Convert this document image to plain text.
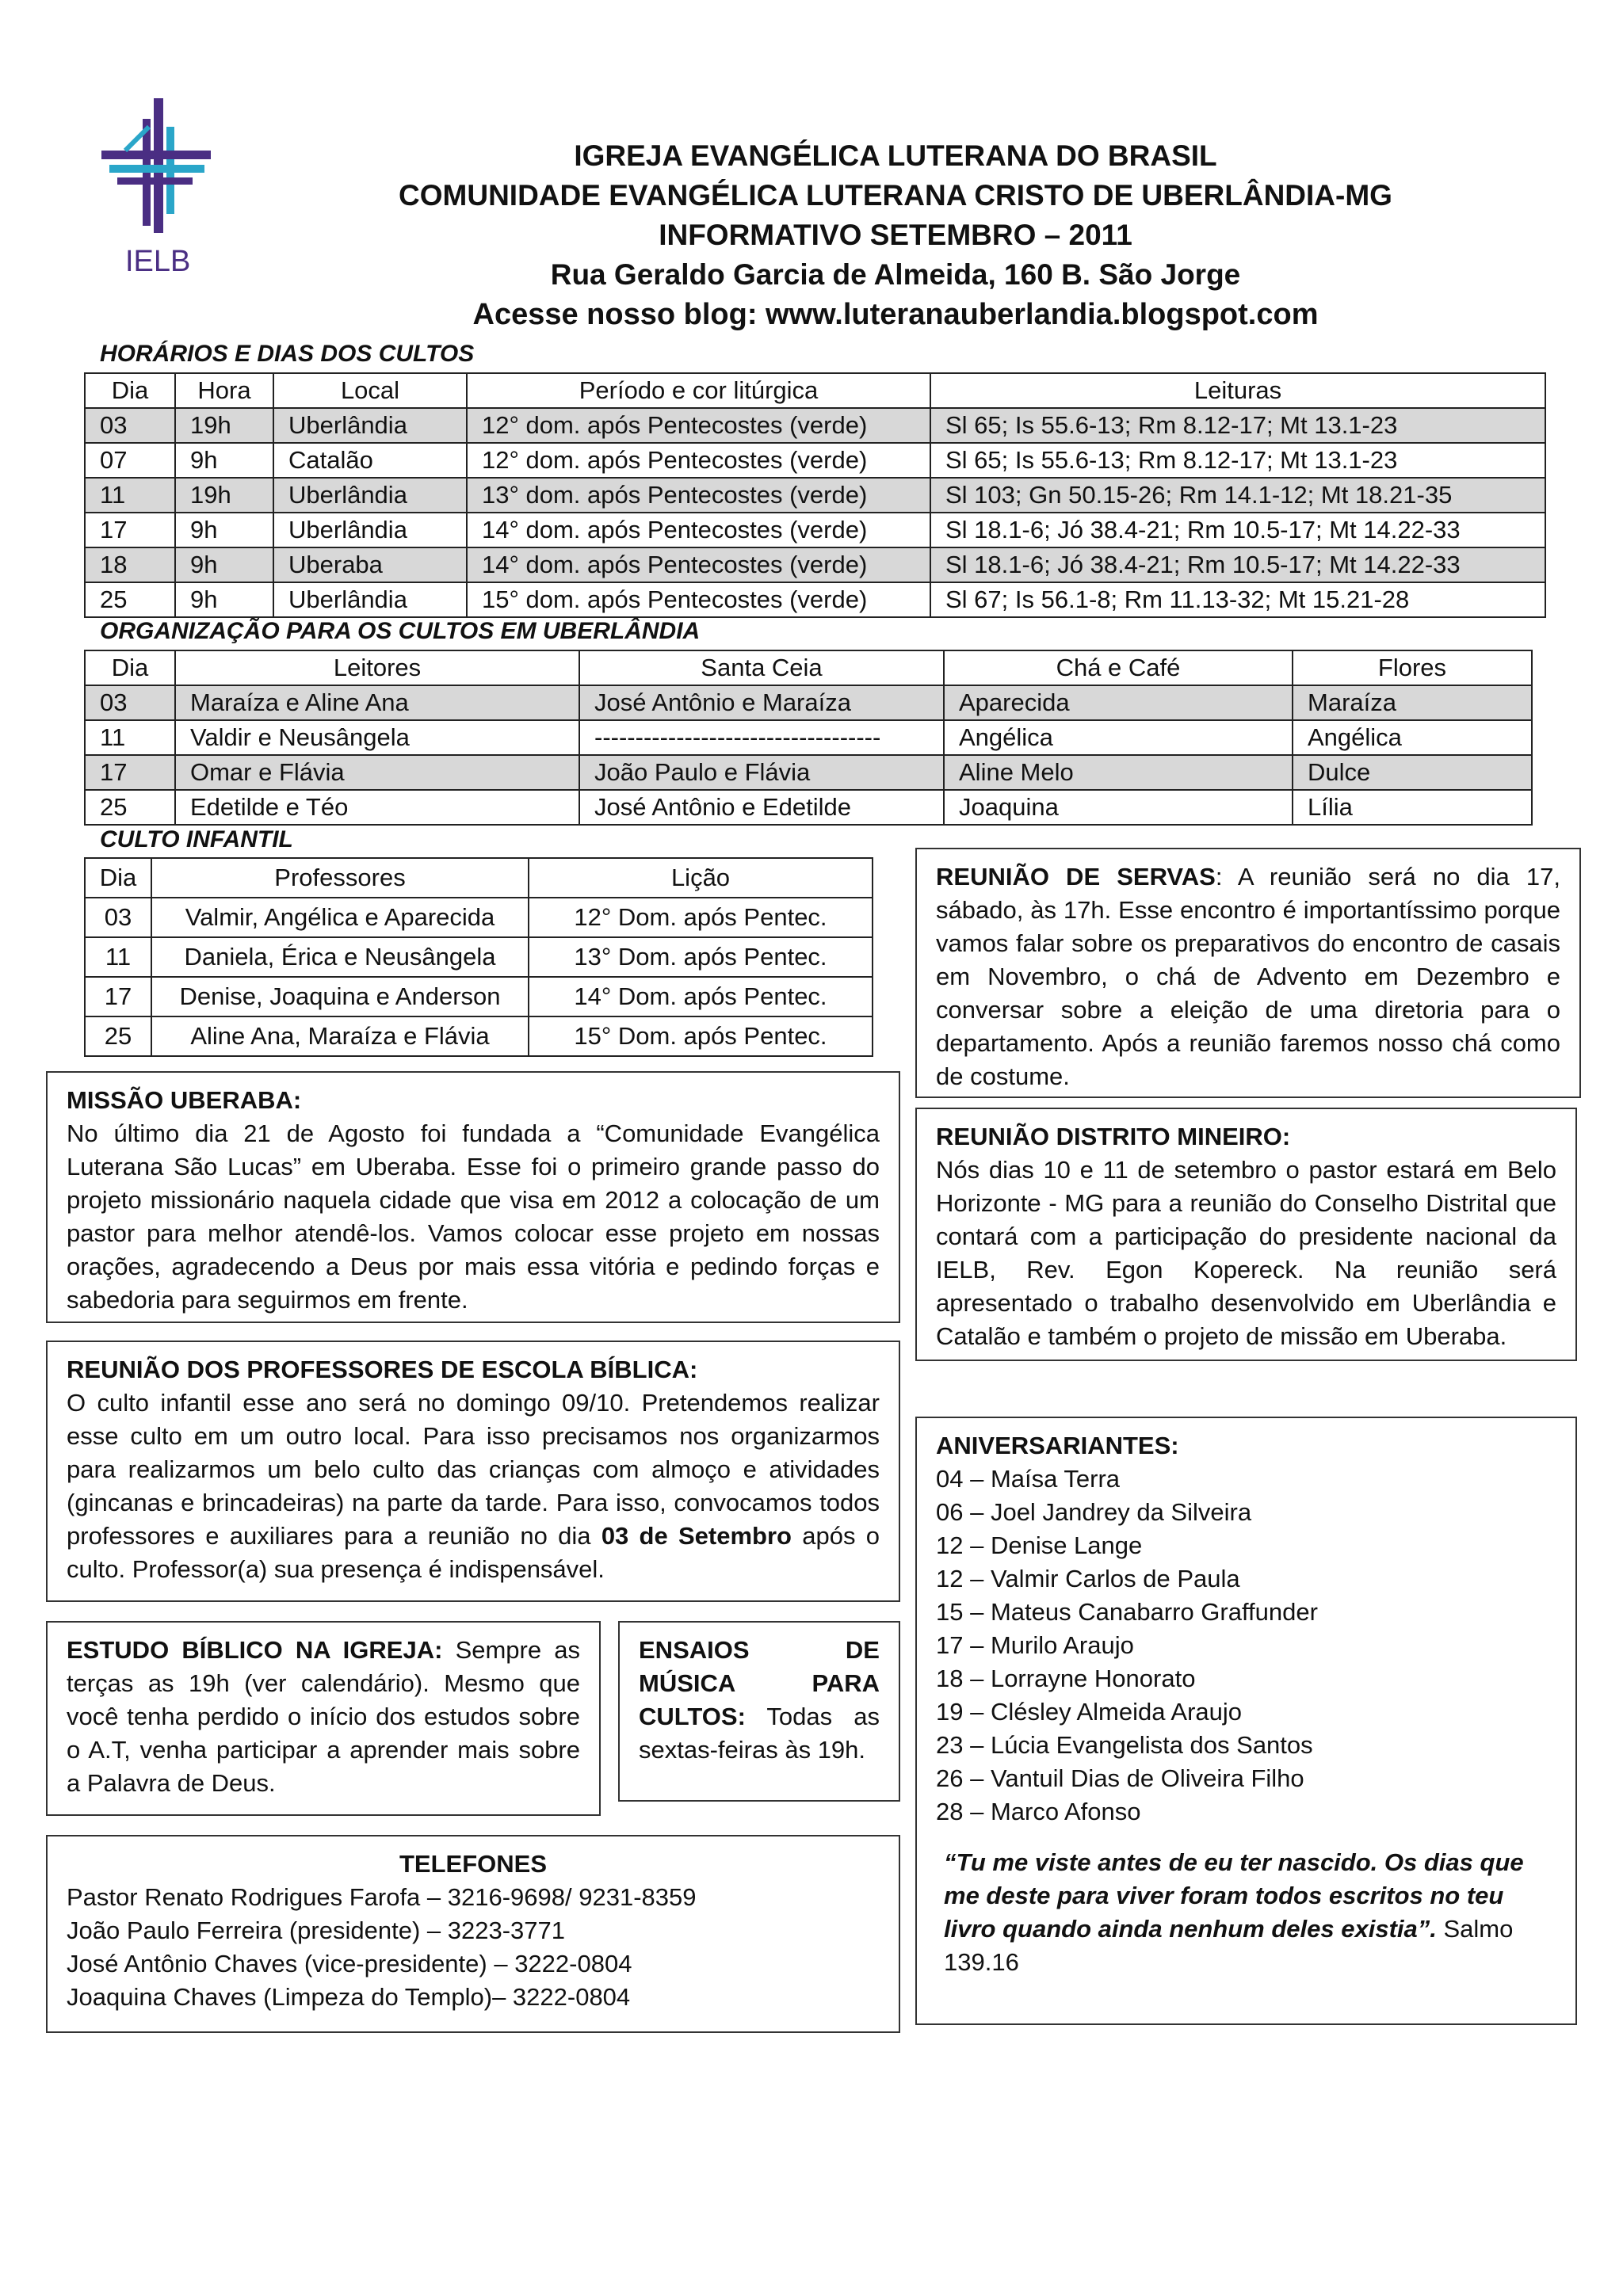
IELB
IGREJA EVANGÉLICA LUTERANA DO BRASIL
COMUNIDADE EVANGÉLICA LUTERANA CRISTO DE UBERLÂNDIA-MG
INFORMATIVO SETEMBRO – 2011
Rua Geraldo Garcia de Almeida, 160 B. São Jorge
Acesse nosso blog: www.luteranauberlandia.blogspot.com
HORÁRIOS E DIAS DOS CULTOS
Dia	Hora	Local	Período e cor litúrgica	Leituras
03	19h	Uberlândia	12° dom. após Pentecostes (verde)	Sl 65; Is 55.6-13; Rm 8.12-17; Mt 13.1-23
07	9h	Catalão	12° dom. após Pentecostes (verde)	Sl 65; Is 55.6-13; Rm 8.12-17; Mt 13.1-23
11	19h	Uberlândia	13° dom. após Pentecostes (verde)	Sl 103; Gn 50.15-26; Rm 14.1-12; Mt 18.21-35
17	9h	Uberlândia	14° dom. após Pentecostes (verde)	Sl 18.1-6; Jó 38.4-21; Rm 10.5-17; Mt 14.22-33
18	9h	Uberaba	14° dom. após Pentecostes (verde)	Sl 18.1-6; Jó 38.4-21; Rm 10.5-17; Mt 14.22-33
25	9h	Uberlândia	15° dom. após Pentecostes (verde)	Sl 67; Is 56.1-8; Rm 11.13-32; Mt 15.21-28
ORGANIZAÇÃO PARA OS CULTOS EM UBERLÂNDIA
Dia	Leitores	Santa Ceia	Chá e Café	Flores
03	Maraíza e Aline Ana	José Antônio e Maraíza	Aparecida	Maraíza
11	Valdir e Neusângela	-----------------------------------	Angélica	Angélica
17	Omar e Flávia	João Paulo e Flávia	Aline Melo	Dulce
25	Edetilde e Téo	José Antônio e Edetilde	Joaquina	Lília
CULTO INFANTIL
Dia	Professores	Lição
03	Valmir, Angélica e Aparecida	12° Dom. após Pentec.
11	Daniela, Érica e Neusângela	13° Dom. após Pentec.
17	Denise, Joaquina e Anderson	14° Dom. após Pentec.
25	Aline Ana, Maraíza e Flávia	15° Dom. após Pentec.
REUNIÃO DE SERVAS: A reunião será no dia 17, sábado, às 17h. Esse encontro é importantíssimo porque vamos falar sobre os preparativos do encontro de casais em Novembro, o chá de Advento em Dezembro e conversar sobre a eleição de uma diretoria para o departamento. Após a reunião faremos nosso chá como de costume.
MISSÃO UBERABA:
No último dia 21 de Agosto foi fundada a “Comunidade Evangélica Luterana São Lucas” em Uberaba. Esse foi o primeiro grande passo do projeto missionário naquela cidade que visa em 2012 a colocação de um pastor para melhor atendê-los. Vamos colocar esse projeto em nossas orações, agradecendo a Deus por mais essa vitória e pedindo forças e sabedoria para seguirmos em frente.
REUNIÃO DISTRITO MINEIRO:
Nós dias 10 e 11 de setembro o pastor estará em Belo Horizonte - MG para a reunião do Conselho Distrital que contará com a participação do presidente nacional da IELB, Rev. Egon Kopereck. Na reunião será apresentado o trabalho desenvolvido em Uberlândia e Catalão e também o projeto de missão em Uberaba.
REUNIÃO DOS PROFESSORES DE ESCOLA BÍBLICA:
O culto infantil esse ano será no domingo 09/10. Pretendemos realizar esse culto em um outro local. Para isso precisamos nos organizarmos para realizarmos um belo culto das crianças com almoço e atividades (gincanas e brincadeiras) na parte da tarde. Para isso, convocamos todos professores e auxiliares para a reunião no dia 03 de Setembro após o culto. Professor(a) sua presença é indispensável.
ESTUDO BÍBLICO NA IGREJA: Sempre as terças as 19h (ver calendário). Mesmo que você tenha perdido o início dos estudos sobre o A.T, venha participar a aprender mais sobre a Palavra de Deus.
ENSAIOS DE MÚSICA PARA CULTOS: Todas as sextas-feiras às 19h.
ANIVERSARIANTES:
04 – Maísa Terra
06 – Joel Jandrey da Silveira
12 – Denise Lange
12 – Valmir Carlos de Paula
15 – Mateus Canabarro Graffunder
17 – Murilo Araujo
18 – Lorrayne Honorato
19 – Clésley Almeida Araujo
23 – Lúcia Evangelista dos Santos
26 – Vantuil Dias de Oliveira Filho
28 – Marco Afonso
“Tu me viste antes de eu ter nascido. Os dias que me deste para viver foram todos escritos no teu livro quando ainda nenhum deles existia”. Salmo 139.16
TELEFONES
Pastor Renato Rodrigues Farofa – 3216-9698/ 9231-8359
João Paulo Ferreira (presidente) – 3223-3771
José Antônio Chaves (vice-presidente) – 3222-0804
Joaquina Chaves (Limpeza do Templo)– 3222-0804
